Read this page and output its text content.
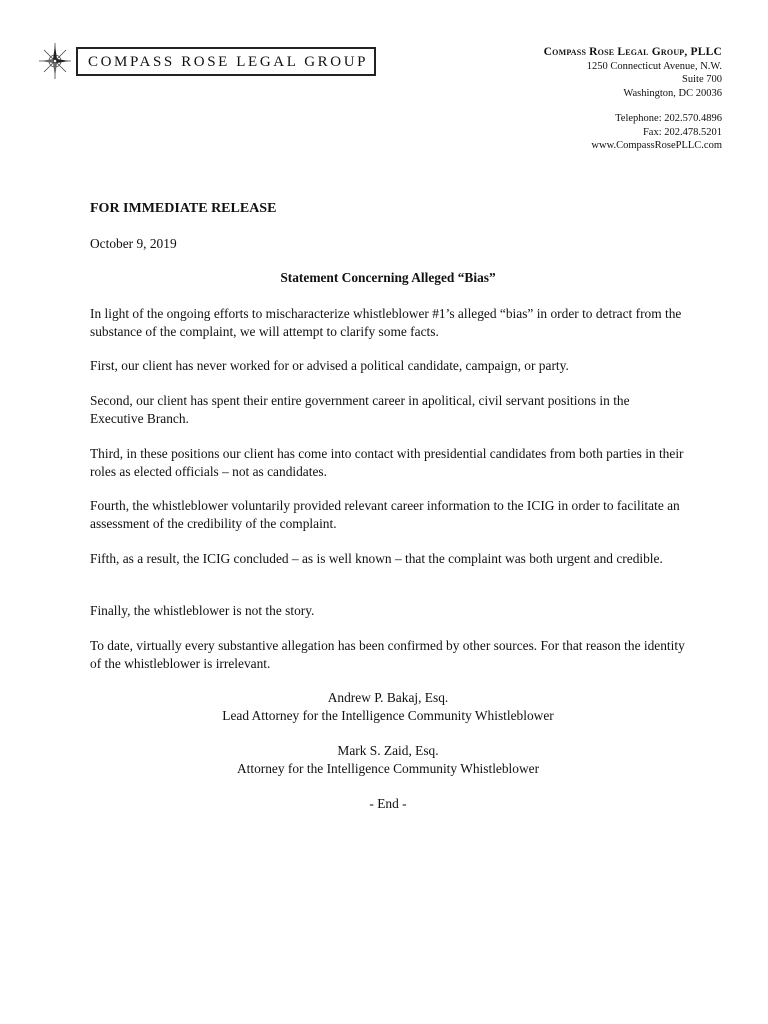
COMPASS ROSE LEGAL GROUP
Compass Rose Legal Group, PLLC
1250 Connecticut Avenue, N.W.
Suite 700
Washington, DC 20036
Telephone: 202.570.4896
Fax: 202.478.5201
www.CompassRosePLLC.com
FOR IMMEDIATE RELEASE
October 9, 2019
Statement Concerning Alleged “Bias”

In light of the ongoing efforts to mischaracterize whistleblower #1’s alleged “bias” in order to detract from the substance of the complaint, we will attempt to clarify some facts.

First, our client has never worked for or advised a political candidate, campaign, or party.

Second, our client has spent their entire government career in apolitical, civil servant positions in the Executive Branch.

Third, in these positions our client has come into contact with presidential candidates from both parties in their roles as elected officials – not as candidates.

Fourth, the whistleblower voluntarily provided relevant career information to the ICIG in order to facilitate an assessment of the credibility of the complaint.

Fifth, as a result, the ICIG concluded – as is well known – that the complaint was both urgent and credible.

Finally, the whistleblower is not the story.

To date, virtually every substantive allegation has been confirmed by other sources. For that reason the identity of the whistleblower is irrelevant.

Andrew P. Bakaj, Esq.
Lead Attorney for the Intelligence Community Whistleblower
Mark S. Zaid, Esq.
Attorney for the Intelligence Community Whistleblower
- End -
